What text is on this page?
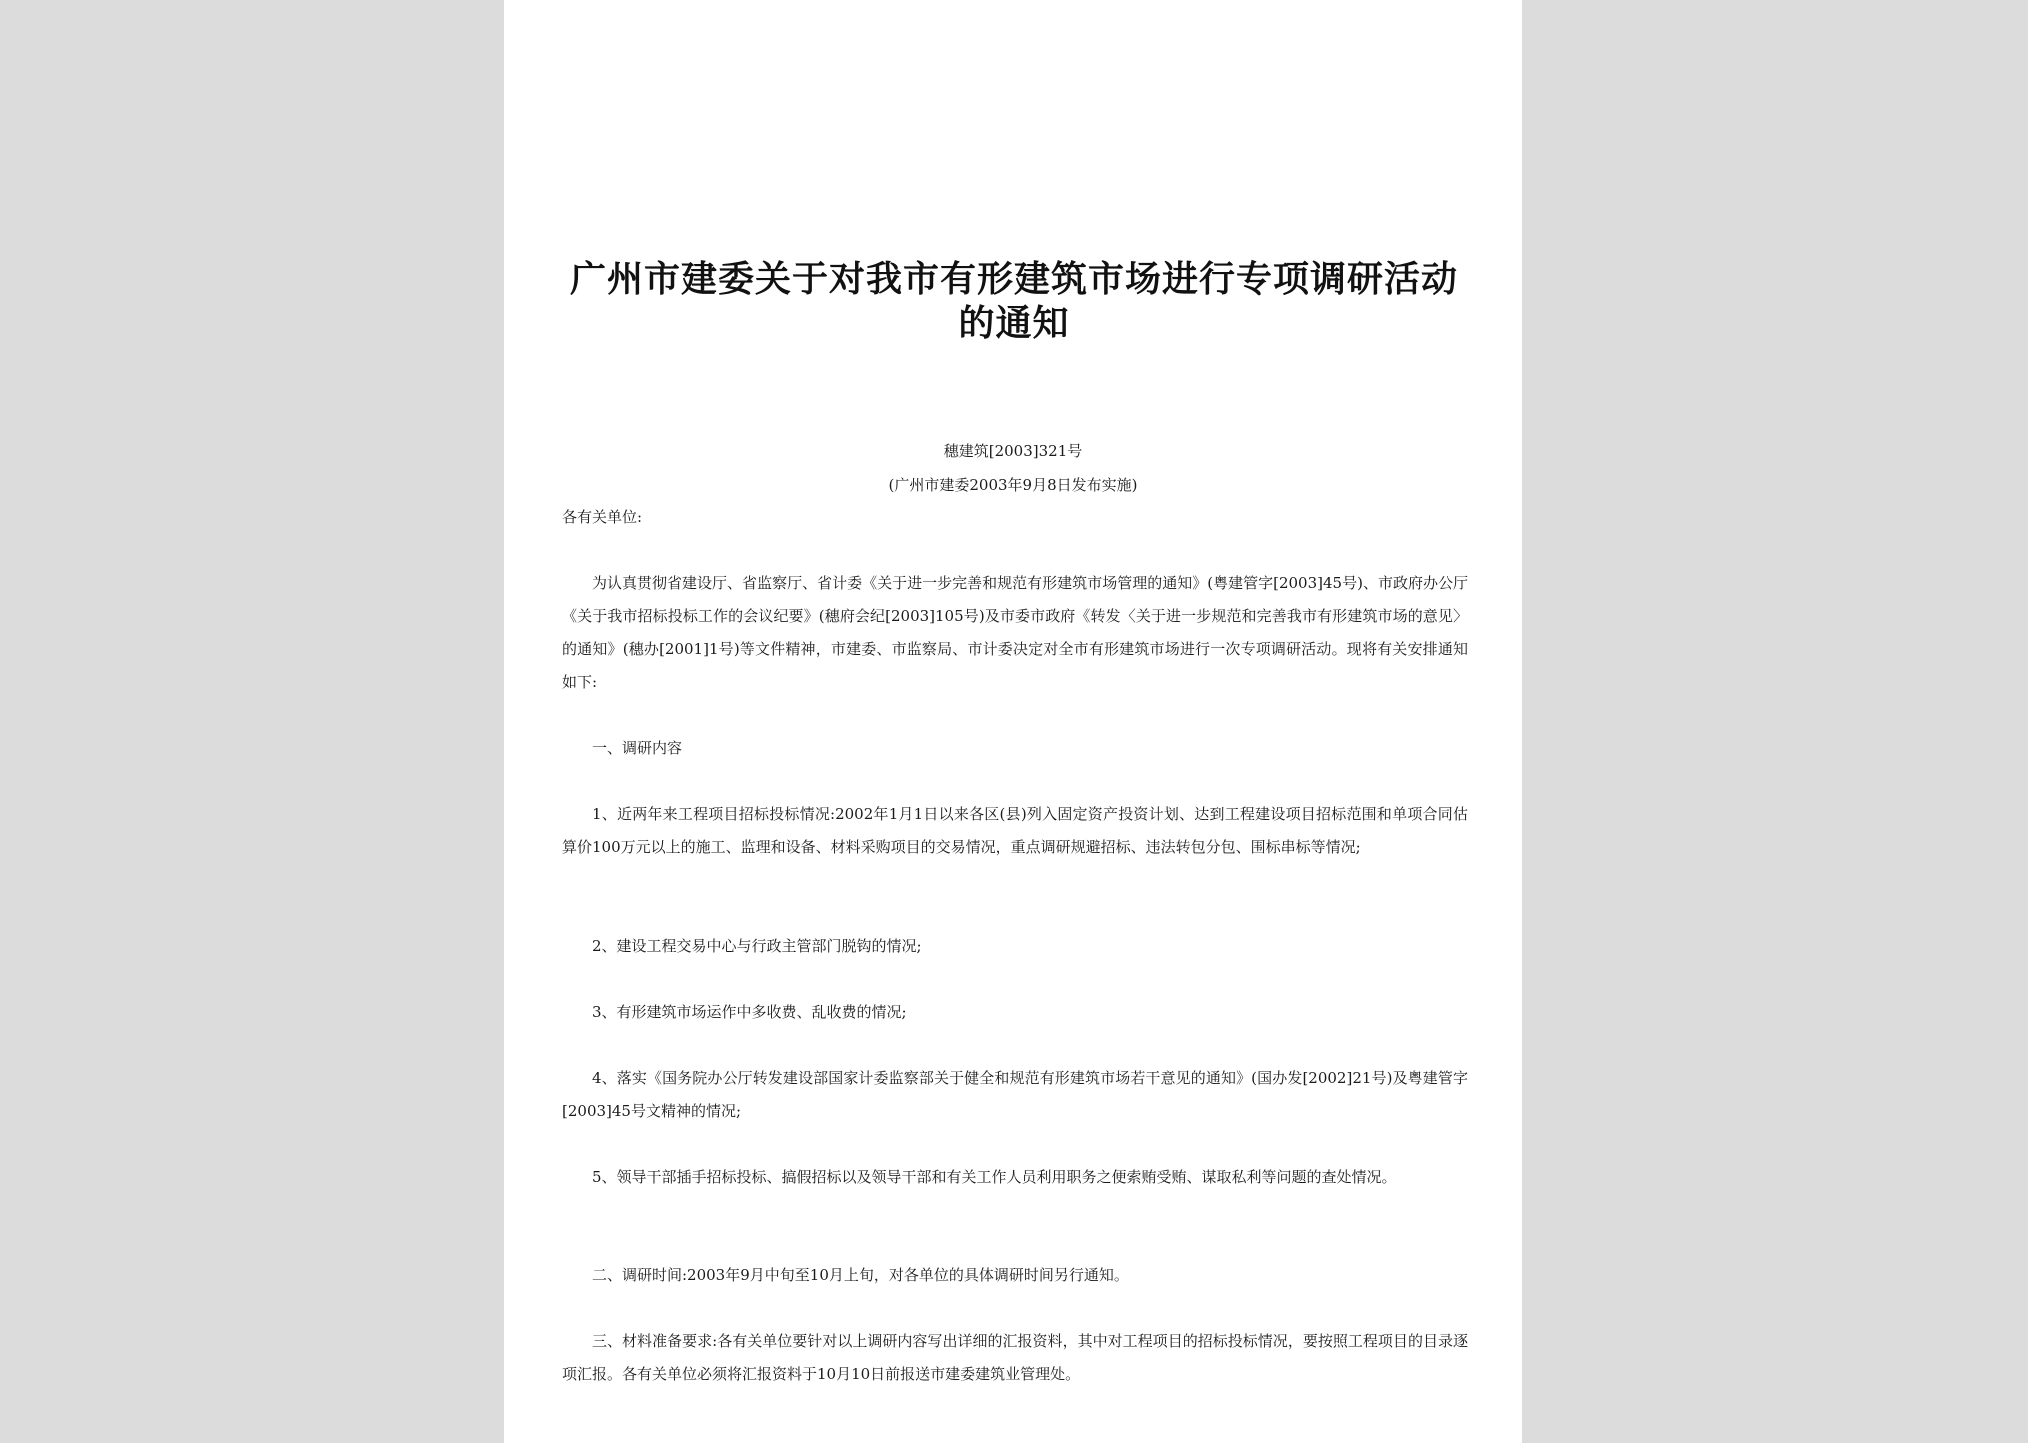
广州市建委关于对我市有形建筑市场进行专项调研活动
的通知
穗建筑[2003]321号
(广州市建委2003年9月8日发布实施)
各有关单位:

为认真贯彻省建设厅、省监察厅、省计委《关于进一步完善和规范有形建筑市场管理的通知》(粤建管字[2003]45号)、市政府办公厅《关于我市招标投标工作的会议纪要》(穗府会纪[2003]105号)及市委市政府《转发〈关于进一步规范和完善我市有形建筑市场的意见〉的通知》(穗办[2001]1号)等文件精神，市建委、市监察局、市计委决定对全市有形建筑市场进行一次专项调研活动。现将有关安排通知如下:

一、调研内容

1、近两年来工程项目招标投标情况:2002年1月1日以来各区(县)列入固定资产投资计划、达到工程建设项目招标范围和单项合同估算价100万元以上的施工、监理和设备、材料采购项目的交易情况，重点调研规避招标、违法转包分包、围标串标等情况;

2、建设工程交易中心与行政主管部门脱钩的情况;

3、有形建筑市场运作中多收费、乱收费的情况;

4、落实《国务院办公厅转发建设部国家计委监察部关于健全和规范有形建筑市场若干意见的通知》(国办发[2002]21号)及粤建管字[2003]45号文精神的情况;

5、领导干部插手招标投标、搞假招标以及领导干部和有关工作人员利用职务之便索贿受贿、谋取私利等问题的查处情况。

二、调研时间:2003年9月中旬至10月上旬，对各单位的具体调研时间另行通知。

三、材料准备要求:各有关单位要针对以上调研内容写出详细的汇报资料，其中对工程项目的招标投标情况，要按照工程项目的目录逐项汇报。各有关单位必须将汇报资料于10月10日前报送市建委建筑业管理处。
